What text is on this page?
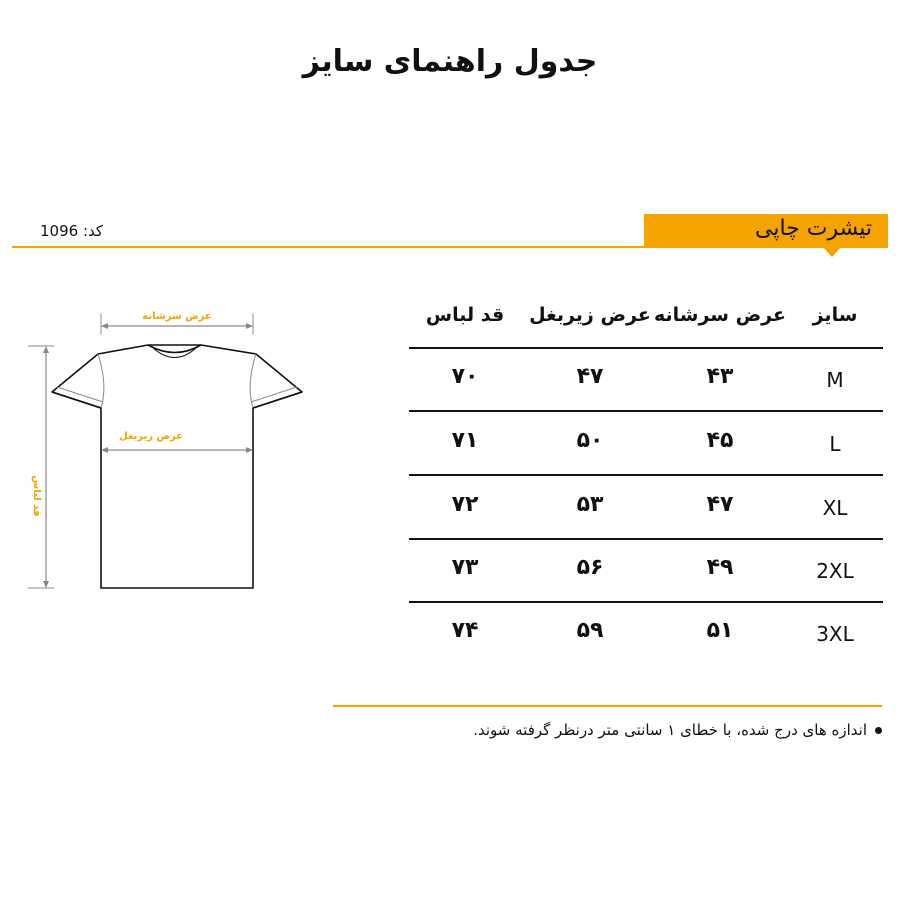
جدول راهنمای سایز
کد: 1096	تیشرت چاپی
عرض سرشانه
عرض زیربغل
قد لباس
سایز
عرض سرشانه
عرض زیربغل
قد لباس
M
۴۳
۴۷
۷۰
L
۴۵
۵۰
۷۱
XL
۴۷
۵۳
۷۲
2XL
۴۹
۵۶
۷۳
3XL
۵۱
۵۹
۷۴
اندازه های درج شده، با خطای ۱ سانتی متر درنظر گرفته شوند.
